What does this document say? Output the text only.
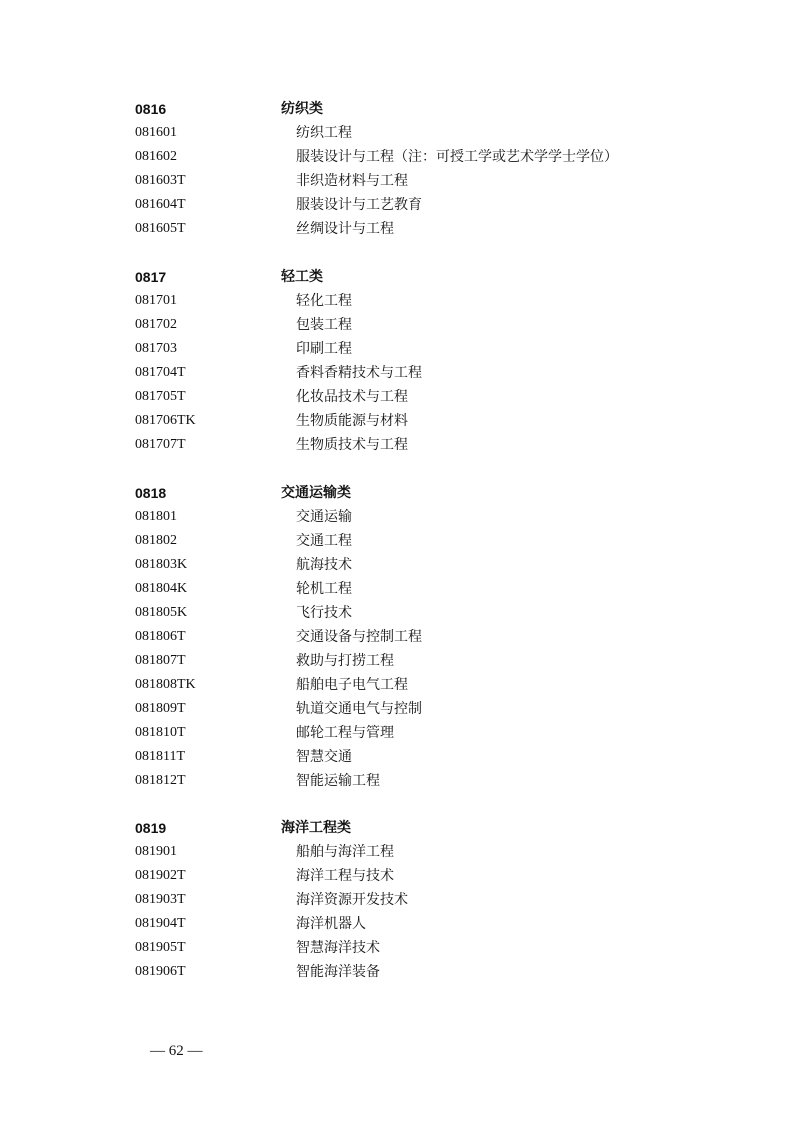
0816	纺织类
081601	纺织工程
081602	服装设计与工程（注：可授工学或艺术学学士学位）
081603T	非织造材料与工程
081604T	服装设计与工艺教育
081605T	丝绸设计与工程
0817	轻工类
081701	轻化工程
081702	包装工程
081703	印刷工程
081704T	香料香精技术与工程
081705T	化妆品技术与工程
081706TK	生物质能源与材料
081707T	生物质技术与工程
0818	交通运输类
081801	交通运输
081802	交通工程
081803K	航海技术
081804K	轮机工程
081805K	飞行技术
081806T	交通设备与控制工程
081807T	救助与打捞工程
081808TK	船舶电子电气工程
081809T	轨道交通电气与控制
081810T	邮轮工程与管理
081811T	智慧交通
081812T	智能运输工程
0819	海洋工程类
081901	船舶与海洋工程
081902T	海洋工程与技术
081903T	海洋资源开发技术
081904T	海洋机器人
081905T	智慧海洋技术
081906T	智能海洋装备
— 62 —
